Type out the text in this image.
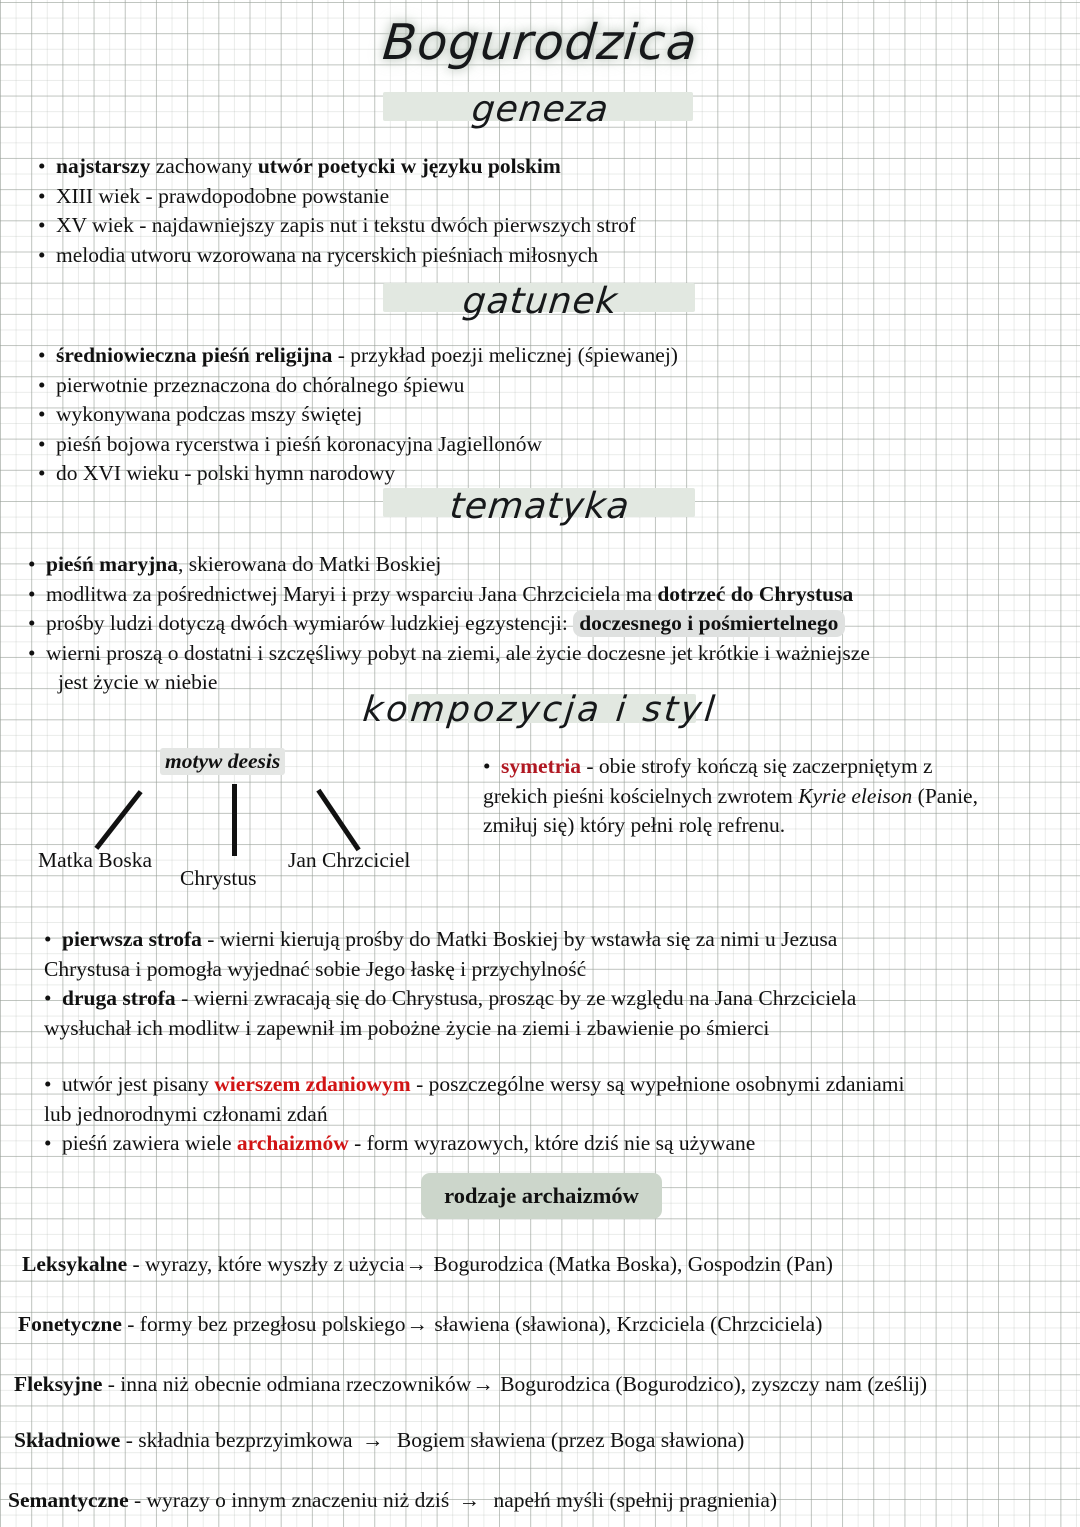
Bogurodzica
geneza
• najstarszy zachowany utwór poetycki w języku polskim
• XIII wiek - prawdopodobne powstanie
• XV wiek - najdawniejszy zapis nut i tekstu dwóch pierwszych strof
• melodia utworu wzorowana na rycerskich pieśniach miłosnych
gatunek
• średniowieczna pieśń religijna - przykład poezji melicznej (śpiewanej)
• pierwotnie przeznaczona do chóralnego śpiewu
• wykonywana podczas mszy świętej
• pieśń bojowa rycerstwa i pieśń koronacyjna Jagiellonów
• do XVI wieku - polski hymn narodowy
tematyka
• pieśń maryjna, skierowana do Matki Boskiej
• modlitwa za pośrednictwej Maryi i przy wsparciu Jana Chrzciciela ma dotrzeć do Chrystusa
• prośby ludzi dotyczą dwóch wymiarów ludzkiej egzystencji: doczesnego i pośmiertelnego
• wierni proszą o dostatni i szczęśliwy pobyt na ziemi, ale życie doczesne jet krótkie i ważniejsze
jest życie w niebie
kompozycja i styl
motyw deesis
Matka Boska
Chrystus
Jan Chrzciciel
• symetria - obie strofy kończą się zaczerpniętym z grekich pieśni kościelnych zwrotem Kyrie eleison (Panie, zmiłuj się) który pełni rolę refrenu.
• pierwsza strofa - wierni kierują prośby do Matki Boskiej by wstawła się za nimi u Jezusa
Chrystusa i pomogła wyjednać sobie Jego łaskę i przychylność
• druga strofa - wierni zwracają się do Chrystusa, prosząc by ze względu na Jana Chrzciciela
wysłuchał ich modlitw i zapewnił im pobożne życie na ziemi i zbawienie po śmierci
• utwór jest pisany wierszem zdaniowym - poszczególne wersy są wypełnione osobnymi zdaniami
lub jednorodnymi członami zdań
• pieśń zawiera wiele archaizmów - form wyrazowych, które dziś nie są używane
rodzaje archaizmów
Leksykalne - wyrazy, które wyszły z użycia→ Bogurodzica (Matka Boska), Gospodzin (Pan)
Fonetyczne - formy bez przegłosu polskiego→ sławiena (sławiona), Krzciciela (Chrzciciela)
Fleksyjne - inna niż obecnie odmiana rzeczowników→ Bogurodzica (Bogurodzico), zyszczy nam (ześlij)
Składniowe - składnia bezprzyimkowa → Bogiem sławiena (przez Boga sławiona)
Semantyczne - wyrazy o innym znaczeniu niż dziś → napełń myśli (spełnij pragnienia)
